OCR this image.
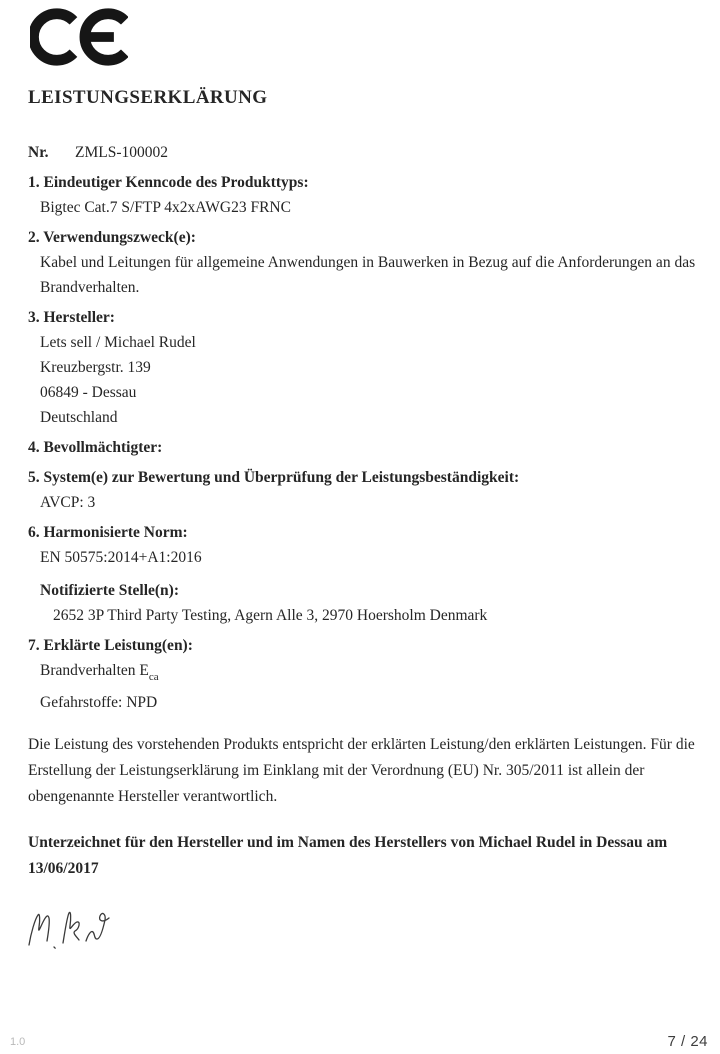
LEISTUNGSERKLÄRUNG
Nr. ZMLS-100002
1. Eindeutiger Kenncode des Produkttyps:
Bigtec Cat.7 S/FTP 4x2xAWG23 FRNC
2. Verwendungszweck(e):
Kabel und Leitungen für allgemeine Anwendungen in Bauwerken in Bezug auf die Anforderungen an das Brandverhalten.
3. Hersteller:
Lets sell / Michael Rudel
Kreuzbergstr. 139
06849 - Dessau
Deutschland
4. Bevollmächtigter:
5. System(e) zur Bewertung und Überprüfung der Leistungsbeständigkeit:
AVCP: 3
6. Harmonisierte Norm:
EN 50575:2014+A1:2016
Notifizierte Stelle(n):
2652 3P Third Party Testing, Agern Alle 3, 2970 Hoersholm Denmark
7. Erklärte Leistung(en):
Brandverhalten $E_{ca}$
Gefahrstoffe: NPD
Die Leistung des vorstehenden Produkts entspricht der erklärten Leistung/den erklärten Leistungen. Für die Erstellung der Leistungserklärung im Einklang mit der Verordnung (EU) Nr. 305/2011 ist allein der obengenannte Hersteller verantwortlich.
Unterzeichnet für den Hersteller und im Namen des Herstellers von Michael Rudel in Dessau am
13/06/2017
1.0	7 / 24
